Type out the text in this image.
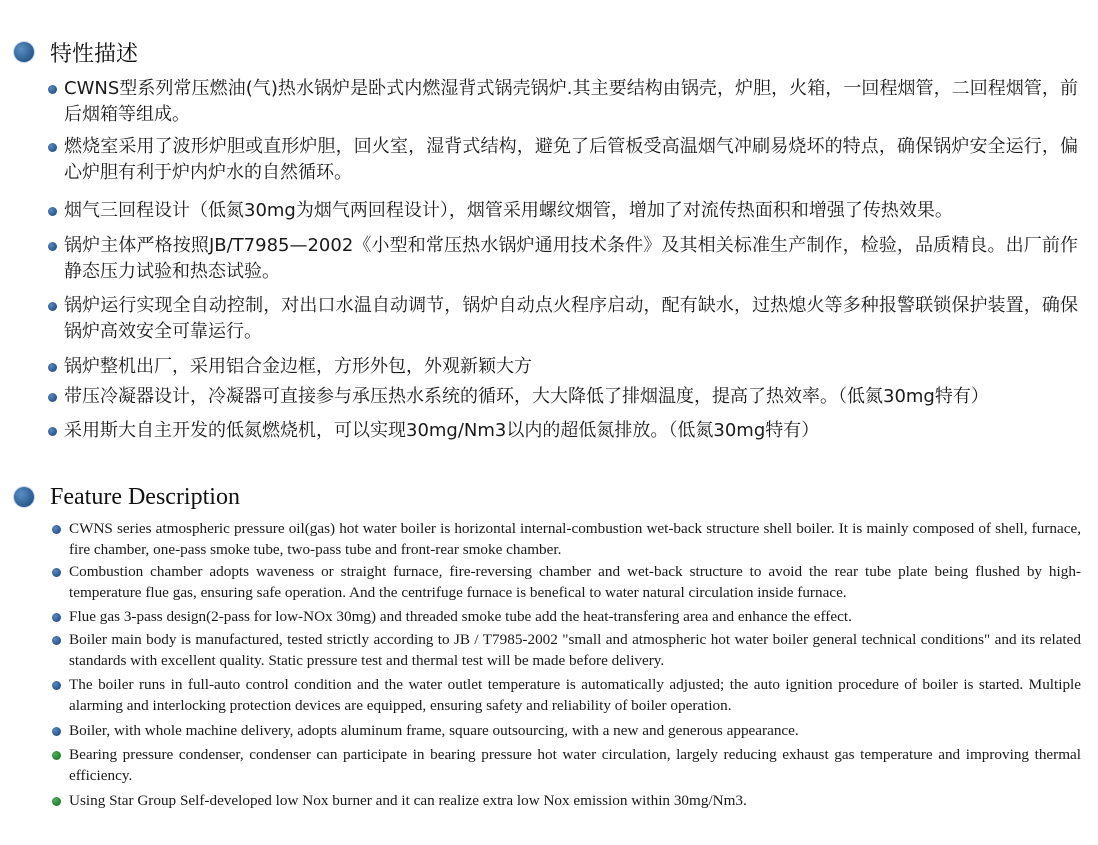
特性描述
CWNS型系列常压燃油(气)热水锅炉是卧式内燃湿背式锅壳锅炉.其主要结构由锅壳，炉胆，火箱，一回程烟管，二回程烟管，前后烟箱等组成。
燃烧室采用了波形炉胆或直形炉胆，回火室，湿背式结构，避免了后管板受高温烟气冲刷易烧坏的特点，确保锅炉安全运行，偏心炉胆有利于炉内炉水的自然循环。
烟气三回程设计（低氮30mg为烟气两回程设计），烟管采用螺纹烟管，增加了对流传热面积和增强了传热效果。
锅炉主体严格按照JB/T7985—2002《小型和常压热水锅炉通用技术条件》及其相关标准生产制作，检验，品质精良。出厂前作静态压力试验和热态试验。
锅炉运行实现全自动控制，对出口水温自动调节，锅炉自动点火程序启动，配有缺水，过热熄火等多种报警联锁保护装置，确保锅炉高效安全可靠运行。
锅炉整机出厂，采用铝合金边框，方形外包，外观新颖大方
带压冷凝器设计，冷凝器可直接参与承压热水系统的循环，大大降低了排烟温度，提高了热效率。（低氮30mg特有）
采用斯大自主开发的低氮燃烧机，可以实现30mg/Nm3以内的超低氮排放。（低氮30mg特有）
Feature Description
CWNS series atmospheric pressure oil(gas) hot water boiler is horizontal internal-combustion wet-back structure shell boiler. It is mainly composed of shell, furnace, fire chamber, one-pass smoke tube, two-pass tube and front-rear smoke chamber.
Combustion chamber adopts waveness or straight furnace, fire-reversing chamber and wet-back structure to avoid the rear tube plate being flushed by high-temperature flue gas, ensuring safe operation. And the centrifuge furnace is benefical to water natural circulation inside furnace.
Flue gas 3-pass design(2-pass for low-NOx 30mg) and threaded smoke tube add the heat-transfering area and enhance the effect.
Boiler main body is manufactured, tested strictly according to JB / T7985-2002 "small and atmospheric hot water boiler general technical conditions" and its related standards with excellent quality. Static pressure test and thermal test will be made before delivery.
The boiler runs in full-auto control condition and the water outlet temperature is automatically adjusted; the auto ignition procedure of boiler is started. Multiple alarming and interlocking protection devices are equipped, ensuring safety and reliability of boiler operation.
Boiler, with whole machine delivery, adopts aluminum frame, square outsourcing, with a new and generous appearance.
Bearing pressure condenser, condenser can participate in bearing pressure hot water circulation, largely reducing exhaust gas temperature and improving thermal efficiency.
Using Star Group Self-developed low Nox burner and it can realize extra low Nox emission within 30mg/Nm3.
